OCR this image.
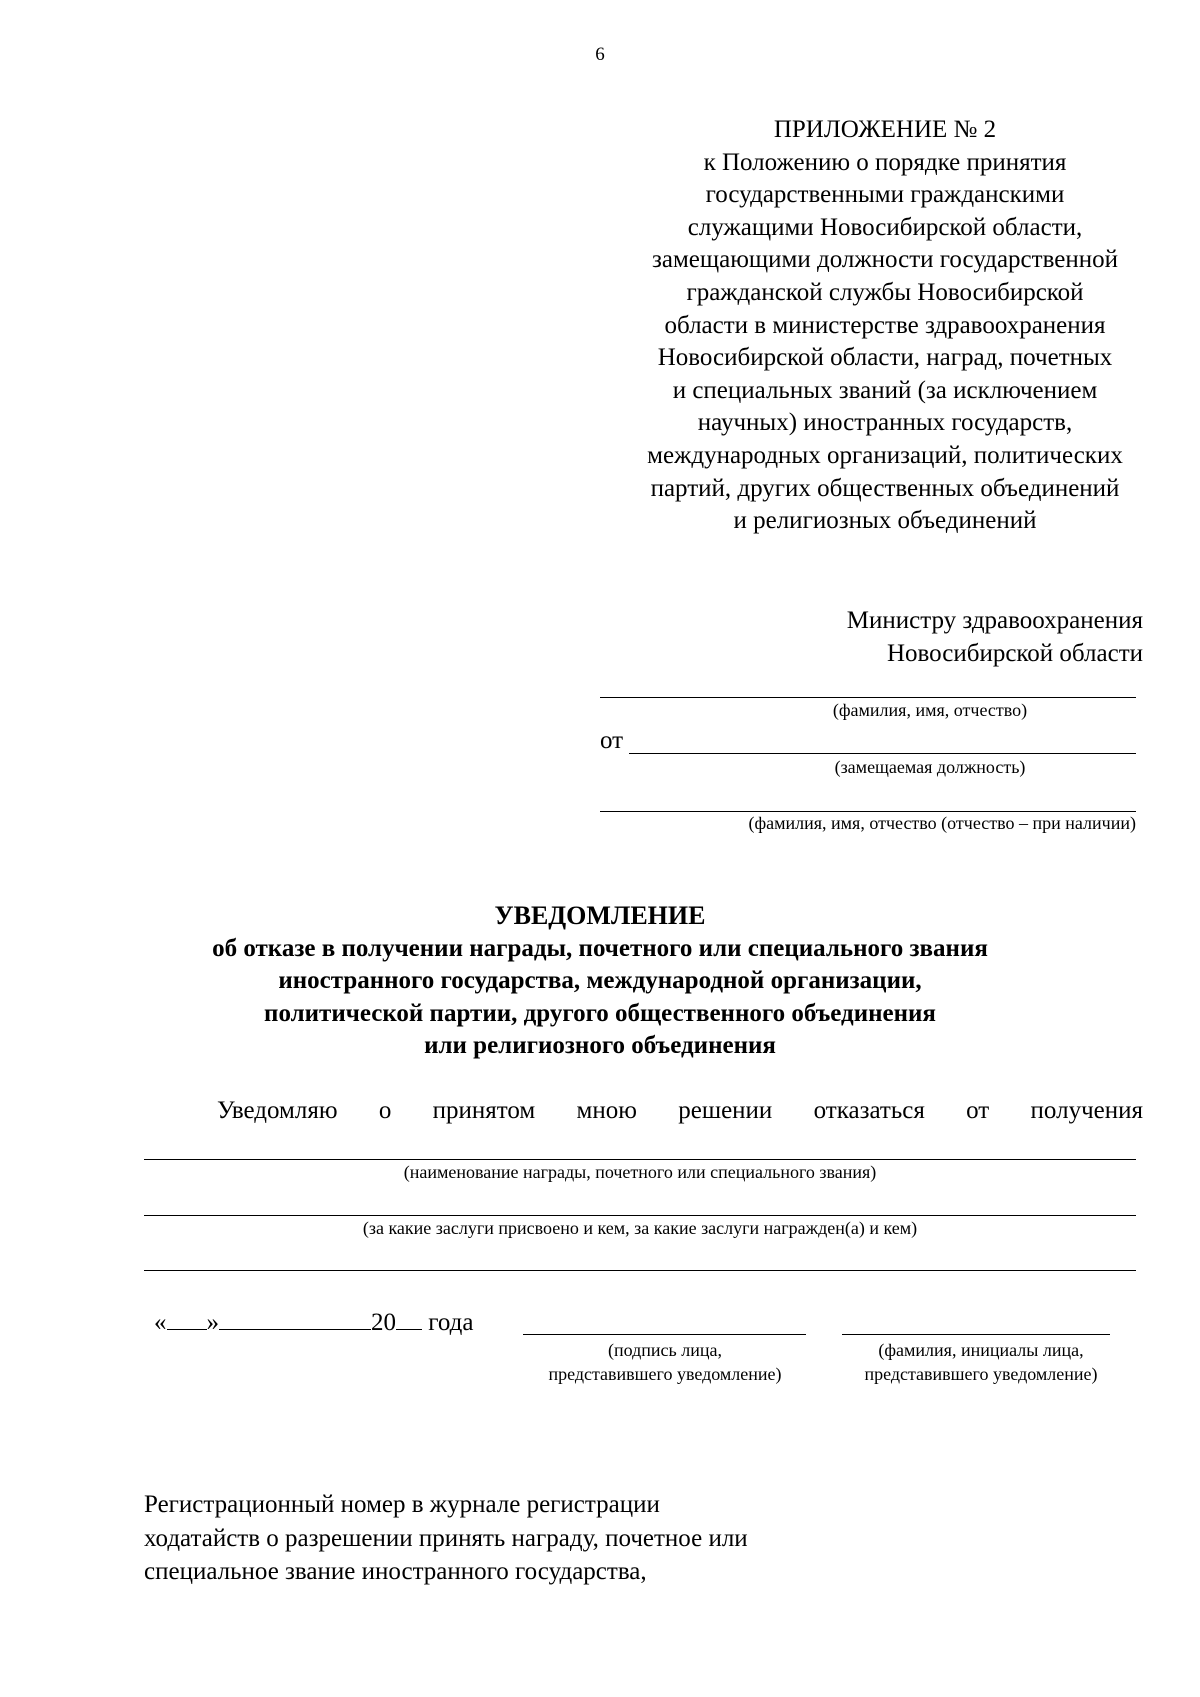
6
ПРИЛОЖЕНИЕ № 2
к Положению о порядке принятия
государственными гражданскими
служащими Новосибирской области,
замещающими должности государственной
гражданской службы Новосибирской
области в министерстве здравоохранения
Новосибирской области, наград, почетных
и специальных званий (за исключением
научных) иностранных государств,
международных организаций, политических
партий, других общественных объединений
и религиозных объединений
Министру здравоохранения
Новосибирской области
(фамилия, имя, отчество)
от
(замещаемая должность)
(фамилия, имя, отчество (отчество – при наличии)
УВЕДОМЛЕНИЕ
об отказе в получении награды, почетного или специального звания
иностранного государства, международной организации,
политической партии, другого общественного объединения
или религиозного объединения
Уведомляю о принятом мною решении отказаться от получения
(наименование награды, почетного или специального звания)
(за какие заслуги присвоено и кем, за какие заслуги награжден(а) и кем)
« »	20 года
(подпись лица,
представившего уведомление)
(фамилия, инициалы лица,
представившего уведомление)
Регистрационный номер в журнале регистрации
ходатайств о разрешении принять награду, почетное или
специальное звание иностранного государства,
